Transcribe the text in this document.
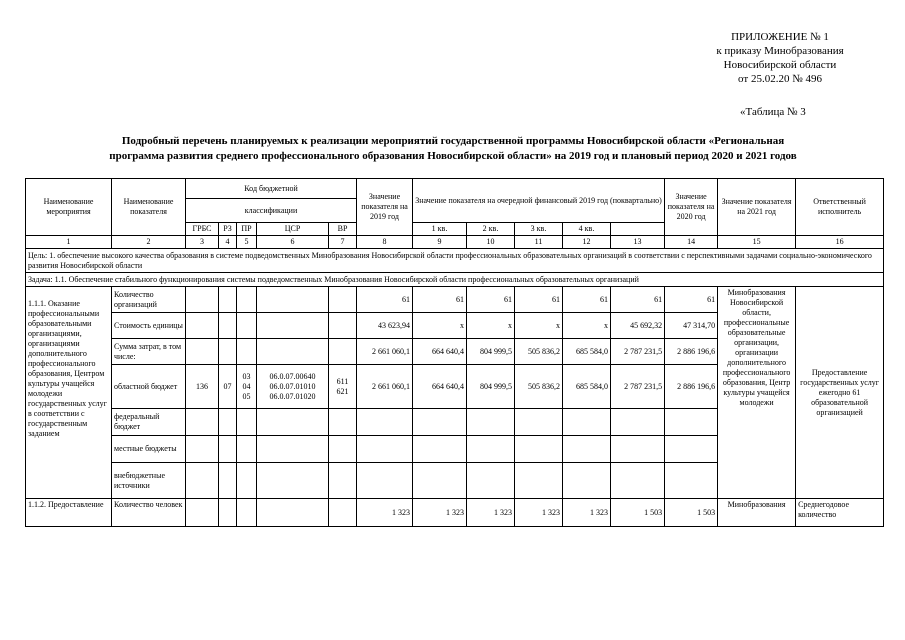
ПРИЛОЖЕНИЕ № 1
к приказу Минобразования
Новосибирской области
от 25.02.20 № 496
«Таблица № 3
Подробный перечень планируемых к реализации мероприятий государственной программы Новосибирской области «Региональная
программа развития среднего профессионального образования Новосибирской области» на 2019 год и плановый период 2020 и 2021 годов
Наименование мероприятия	Наименование показателя	Код бюджетной					Значение показателя на 2019 год	Значение показателя на очередной финансовый 2019 год (поквартально)					Значение показателя на 2020 год	Значение показателя на 2021 год	Ответственный исполнитель	
		классификации														
		ГРБС	РЗ	ПР	ЦСР	ВР		1 кв.	2 кв.	3 кв.	4 кв.					
1	2	3	4	5	6	7	8	9	10	11	12	13	14	15	16	
Цель: 1. обеспечение высокого качества образования в системе подведомственных Минобразования Новосибирской области профессиональных образовательных организаций в соответствии с перспективными задачами социально-экономического развития Новосибирской области																
Задача: 1.1. Обеспечение стабильного функционирования системы подведомственных Минобразования Новосибирской области профессиональных образовательных организаций																
1.1.1. Оказание профессиональными образовательными организациями, организациями дополнительного профессионального образования, Центром культуры учащейся молодежи государственных услуг в соответствии с государственным заданием	Количество организаций						61	61	61	61	61	61	61	Минобразования Новосибирской области, профессиональные образовательные организации, организации дополнительного профессионального образования, Центр культуры учащейся молодежи	Предоставление государственных услуг ежегодно 61 образовательной организацией	
	Стоимость единицы						43 623,94	х	х	х	х	45 692,32	47 314,70			
	Сумма затрат, в том числе:						2 661 060,1	664 640,4	804 999,5	505 836,2	685 584,0	2 787 231,5	2 886 196,6			
	областной бюджет	136	07	03 04 05	06.0.07.00640 06.0.07.01010 06.0.07.01020	611 621	2 661 060,1	664 640,4	804 999,5	505 836,2	685 584,0	2 787 231,5	2 886 196,6			
	федеральный бюджет															
	местные бюджеты															
	внебюджетные источники															
1.1.2. Предоставление	Количество человек						1 323	1 323	1 323	1 323	1 323	1 503	1 503	Минобразования	Среднегодовое количество	
